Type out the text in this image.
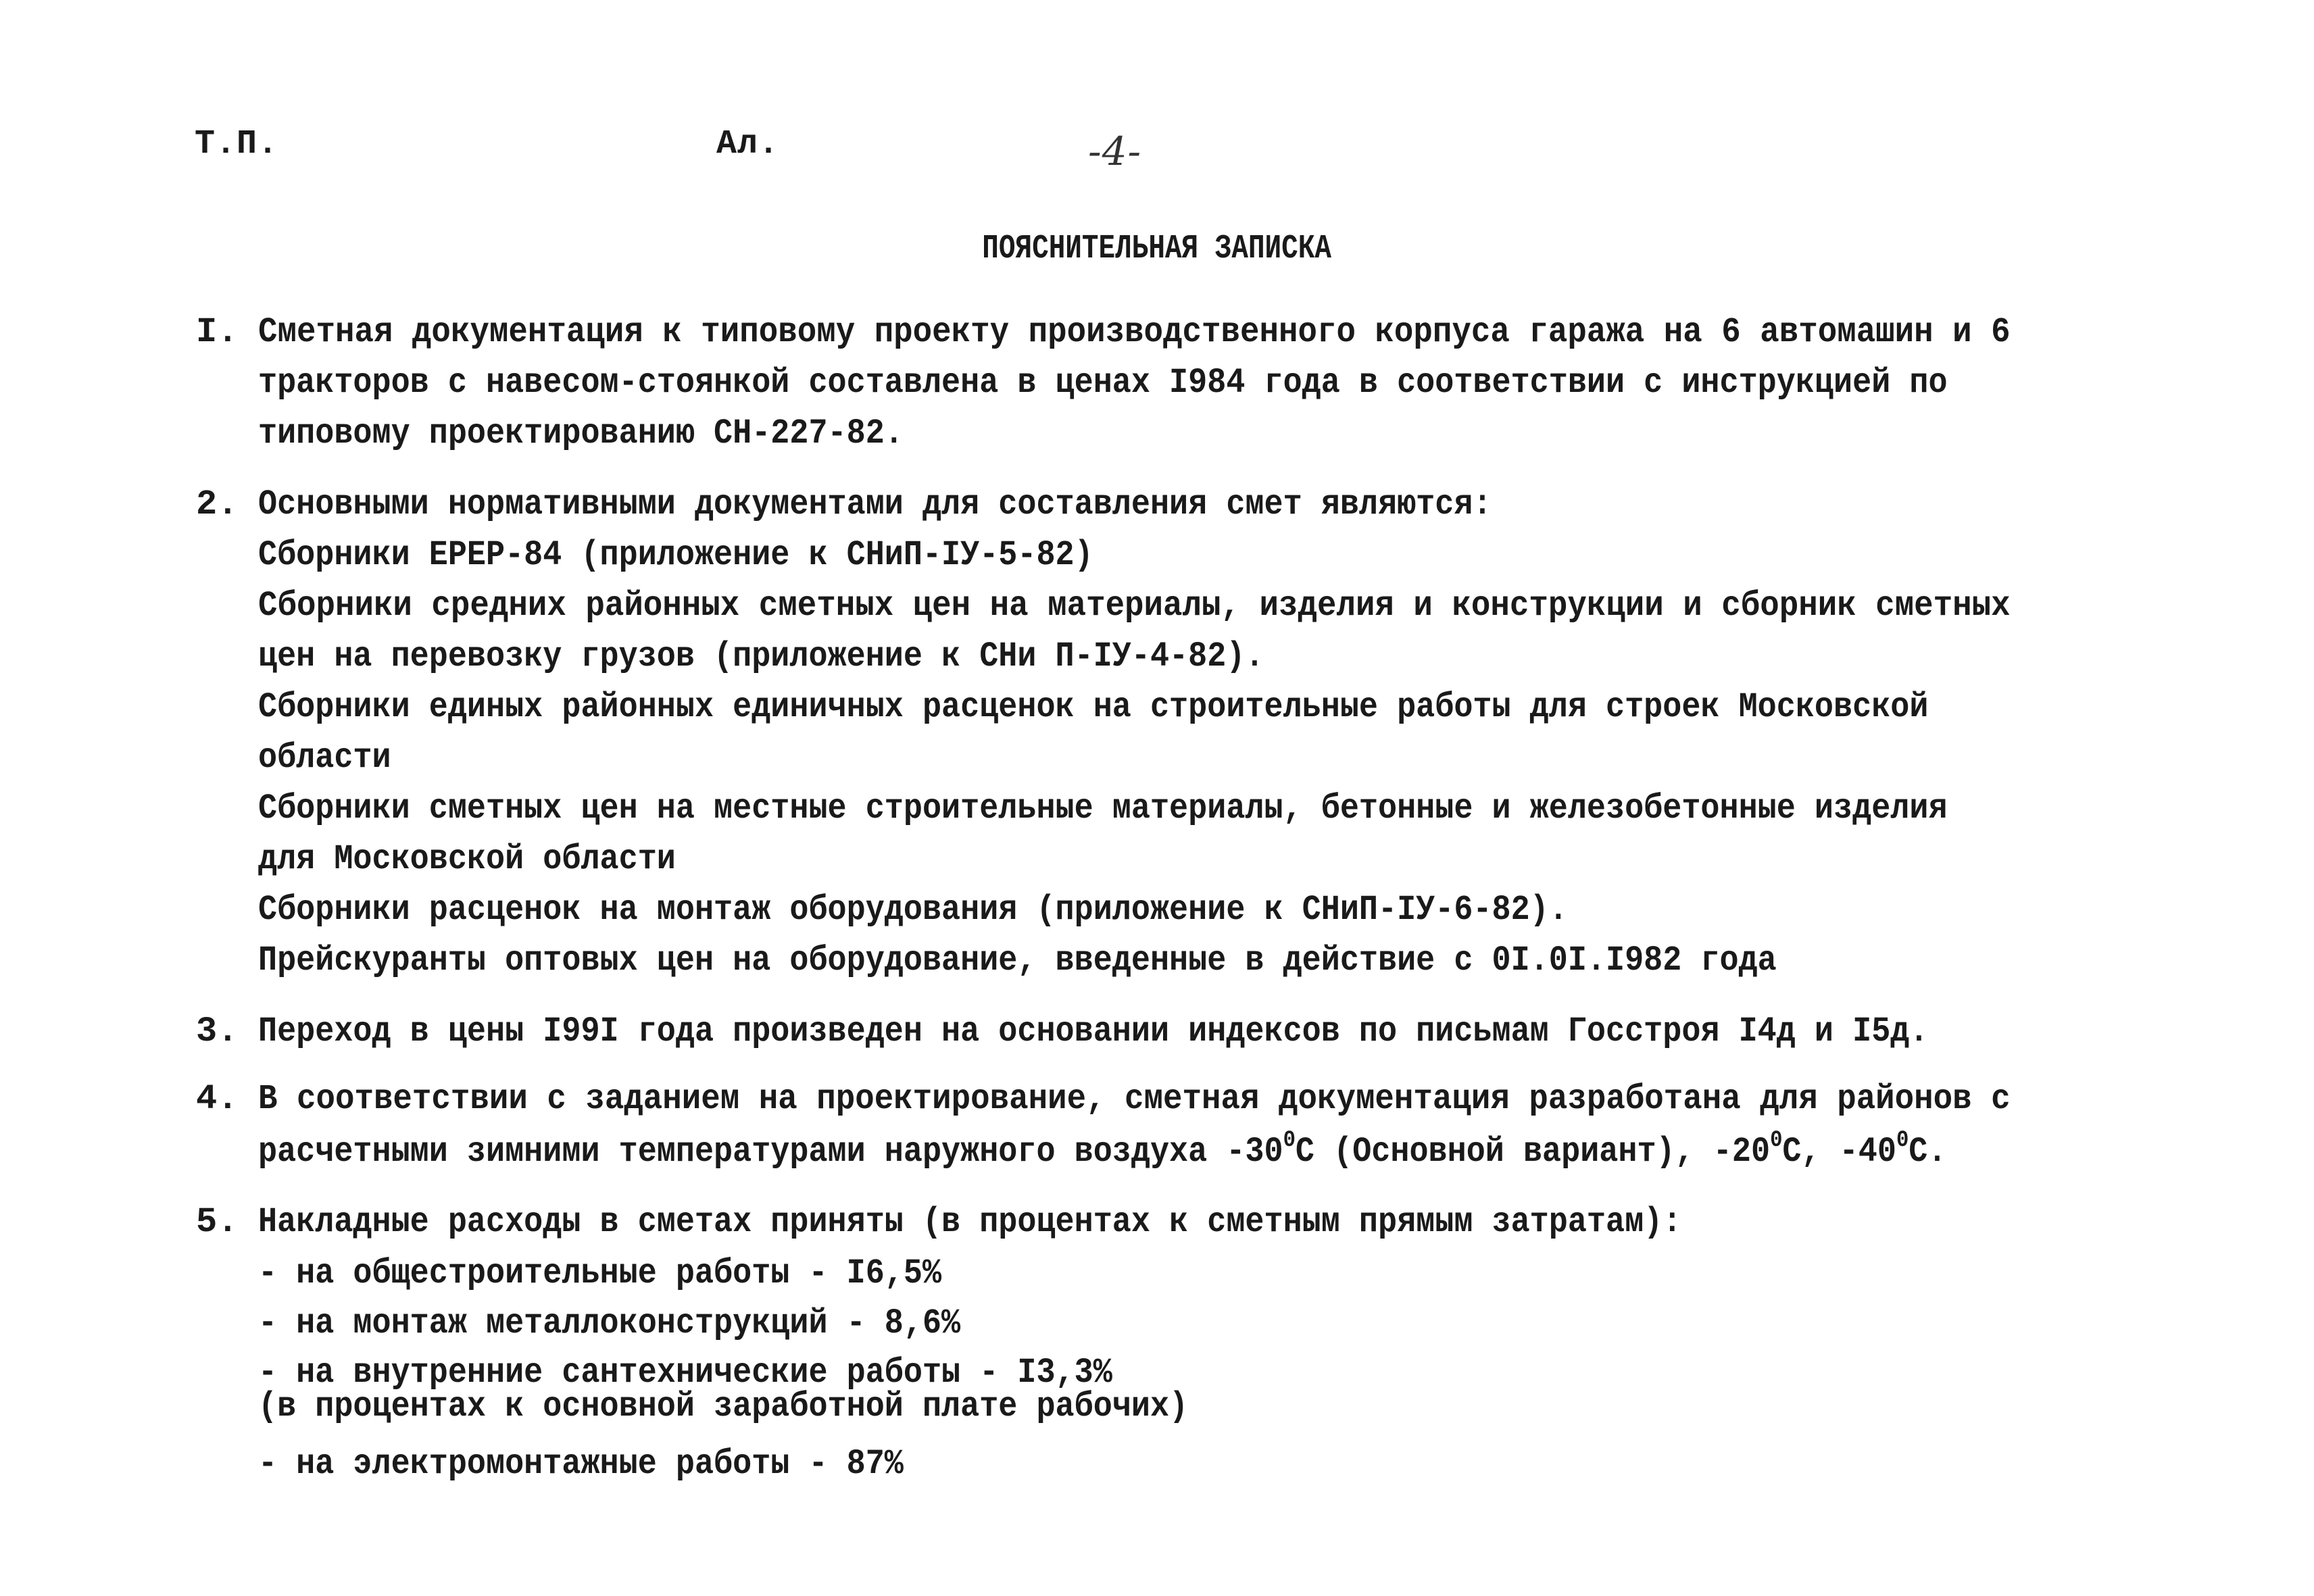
Т.П.	Ал.	-4-
ПОЯСНИТЕЛЬНАЯ ЗАПИСКА
I. Сметная документация к типовому проекту производственного корпуса гаража на 6 автомашин и 6
тракторов с навесом-стоянкой составлена в ценах I984 года в соответствии с инструкцией по
типовому проектированию СН-227-82.
2. Основными нормативными документами для составления смет являются:
Сборники ЕРЕР-84 (приложение к СНиП-IУ-5-82)
Сборники средних районных сметных цен на материалы, изделия и конструкции и сборник сметных
цен на перевозку грузов (приложение к СНи П-IУ-4-82).
Сборники единых районных единичных расценок на строительные работы для строек Московской
области
Сборники сметных цен на местные строительные материалы, бетонные и железобетонные изделия
для Московской области
Сборники расценок на монтаж оборудования (приложение к СНиП-IУ-6-82).
Прейскуранты оптовых цен на оборудование, введенные в действие с 0I.0I.I982 года
3. Переход в цены I99I года произведен на основании индексов по письмам Госстроя I4д и I5д.
4. В соответствии с заданием на проектирование, сметная документация разработана для районов с
расчетными зимними температурами наружного воздуха $-30^0С$ (Основной вариант), $-20^0С$, $-40^0С$.
5. Накладные расходы в сметах приняты (в процентах к сметным прямым затратам):
- на общестроительные работы - I6,5%
- на монтаж металлоконструкций - 8,6%
- на внутренние сантехнические работы - I3,3%
(в процентах к основной заработной плате рабочих)
- на электромонтажные работы - 87%
